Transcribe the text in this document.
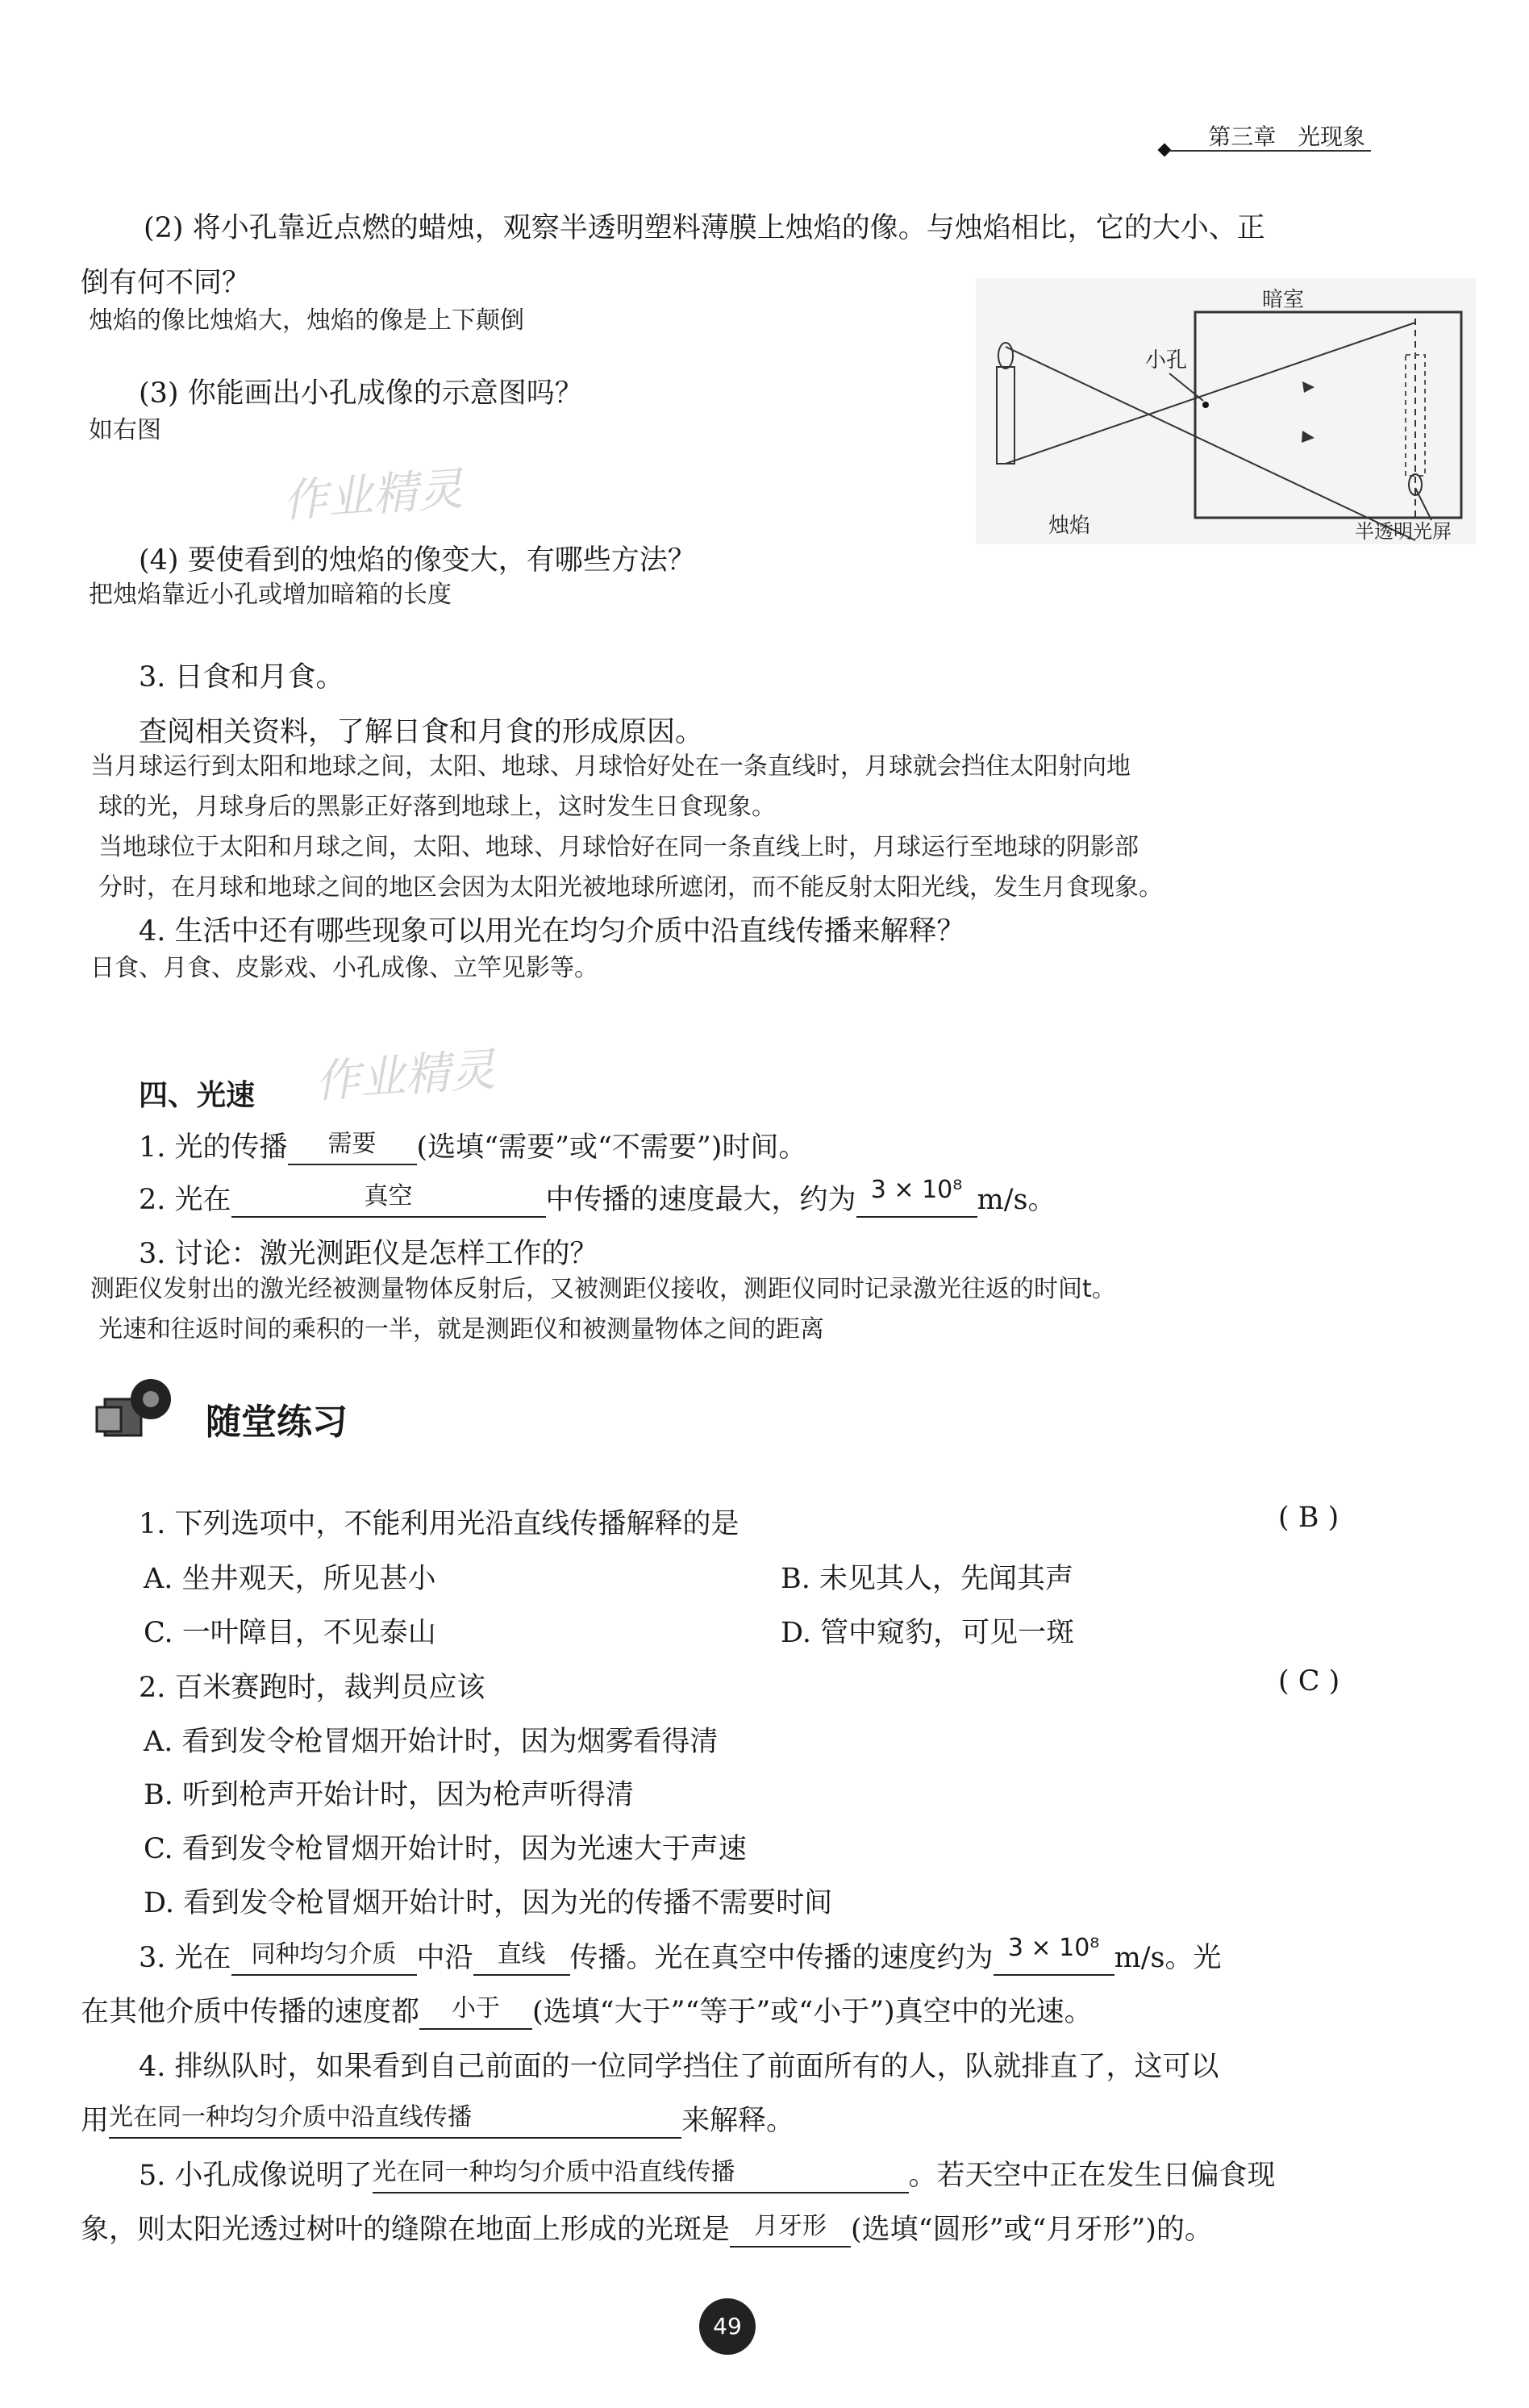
第三章 光现象
(2) 将小孔靠近点燃的蜡烛，观察半透明塑料薄膜上烛焰的像。与烛焰相比，它的大小、正
倒有何不同？
烛焰的像比烛焰大，烛焰的像是上下颠倒
(3) 你能画出小孔成像的示意图吗？
如右图
作业精灵
(4) 要使看到的烛焰的像变大，有哪些方法？
把烛焰靠近小孔或增加暗箱的长度
暗室
小孔
烛焰	半透明光屏
3. 日食和月食。
查阅相关资料，了解日食和月食的形成原因。
当月球运行到太阳和地球之间，太阳、地球、月球恰好处在一条直线时，月球就会挡住太阳射向地
球的光，月球身后的黑影正好落到地球上，这时发生日食现象。
当地球位于太阳和月球之间，太阳、地球、月球恰好在同一条直线上时，月球运行至地球的阴影部
分时，在月球和地球之间的地区会因为太阳光被地球所遮闭，而不能反射太阳光线，发生月食现象。
4. 生活中还有哪些现象可以用光在均匀介质中沿直线传播来解释？
日食、月食、皮影戏、小孔成像、立竿见影等。
作业精灵
四、光速
1. 光的传播	需要	(选填“需要”或“不需要”)时间。
2. 光在	真空	中传播的速度最大，约为 3 × 10⁸ m/s。
3. 讨论：激光测距仪是怎样工作的？
测距仪发射出的激光经被测量物体反射后，又被测距仪接收，测距仪同时记录激光往返的时间t。
光速和往返时间的乘积的一半，就是测距仪和被测量物体之间的距离
随堂练习
1. 下列选项中，不能利用光沿直线传播解释的是	( B )
A. 坐井观天，所见甚小	B. 未见其人，先闻其声
C. 一叶障目，不见泰山	D. 管中窥豹，可见一斑
2. 百米赛跑时，裁判员应该	( C )
A. 看到发令枪冒烟开始计时，因为烟雾看得清
B. 听到枪声开始计时，因为枪声听得清
C. 看到发令枪冒烟开始计时，因为光速大于声速
D. 看到发令枪冒烟开始计时，因为光的传播不需要时间
3. 光在 同种均匀介质 中沿	直线 传播。光在真空中传播的速度约为 3 × 10⁸ m/s。光
在其他介质中传播的速度都	小于	(选填“大于”“等于”或“小于”)真空中的光速。
4. 排纵队时，如果看到自己前面的一位同学挡住了前面所有的人，队就排直了，这可以
用 光在同一种均匀介质中沿直线传播	来解释。
5. 小孔成像说明了 光在同一种均匀介质中沿直线传播	。若天空中正在发生日偏食现
象，则太阳光透过树叶的缝隙在地面上形成的光斑是	月牙形 (选填“圆形”或“月牙形”)的。
49
